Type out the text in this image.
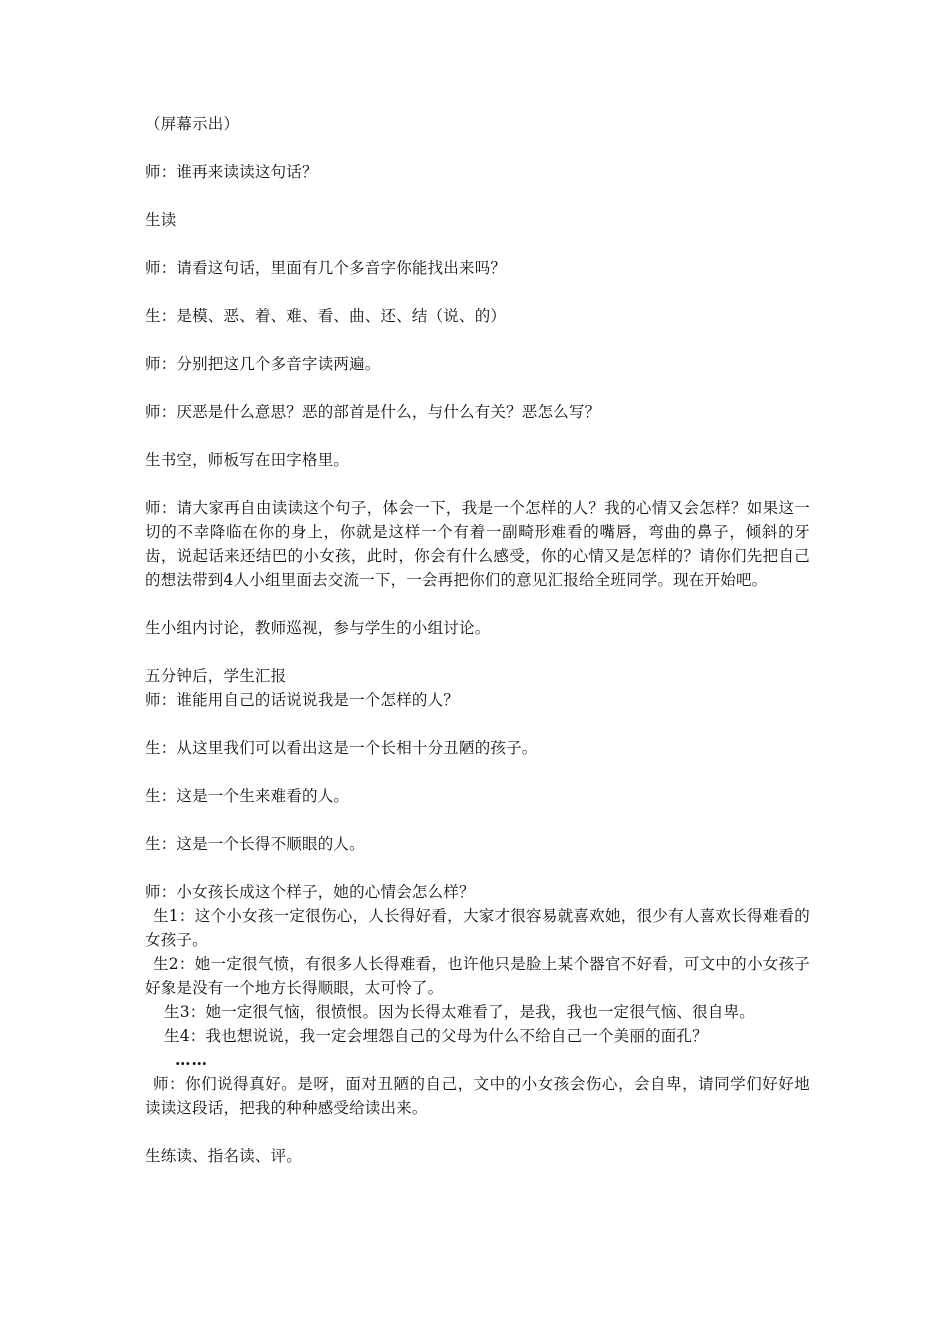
（屏幕示出）
师：谁再来读读这句话？
生读
师：请看这句话，里面有几个多音字你能找出来吗？
生：是模、恶、着、难、看、曲、还、结（说、的）
师：分别把这几个多音字读两遍。
师：厌恶是什么意思？恶的部首是什么，与什么有关？恶怎么写？
生书空，师板写在田字格里。
师：请大家再自由读读这个句子，体会一下，我是一个怎样的人？我的心情又会怎样？如果这一切的不幸降临在你的身上，你就是这样一个有着一副畸形难看的嘴唇，弯曲的鼻子，倾斜的牙齿，说起话来还结巴的小女孩，此时，你会有什么感受，你的心情又是怎样的？请你们先把自己的想法带到4人小组里面去交流一下，一会再把你们的意见汇报给全班同学。现在开始吧。
生小组内讨论，教师巡视，参与学生的小组讨论。
五分钟后，学生汇报
师：谁能用自己的话说说我是一个怎样的人？
生：从这里我们可以看出这是一个长相十分丑陋的孩子。
生：这是一个生来难看的人。
生：这是一个长得不顺眼的人。
师：小女孩长成这个样子，她的心情会怎么样？
生1：这个小女孩一定很伤心，人长得好看，大家才很容易就喜欢她，很少有人喜欢长得难看的女孩子。
生2：她一定很气愤，有很多人长得难看，也许他只是脸上某个器官不好看，可文中的小女孩子好象是没有一个地方长得顺眼，太可怜了。
生3：她一定很气恼，很愤恨。因为长得太难看了，是我，我也一定很气恼、很自卑。
生4：我也想说说，我一定会埋怨自己的父母为什么不给自己一个美丽的面孔？
……
师：你们说得真好。是呀，面对丑陋的自己，文中的小女孩会伤心，会自卑，请同学们好好地读读这段话，把我的种种感受给读出来。
生练读、指名读、评。
